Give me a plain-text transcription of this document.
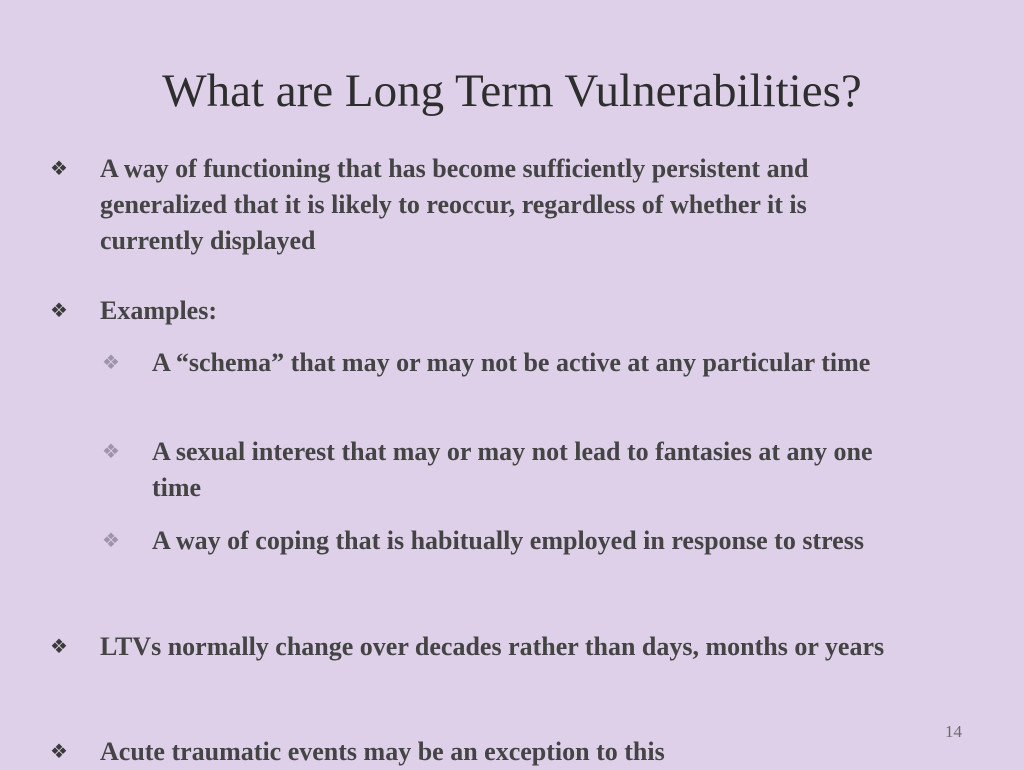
What are Long Term Vulnerabilities?
❖ A way of functioning that has become sufficiently persistent and generalized that it is likely to reoccur, regardless of whether it is currently displayed
❖ Examples:
❖ A “schema” that may or may not be active at any particular time
❖ A sexual interest that may or may not lead to fantasies at any one time
❖ A way of coping that is habitually employed in response to stress
❖ LTVs normally change over decades rather than days, months or years
❖ Acute traumatic events may be an exception to this
14
